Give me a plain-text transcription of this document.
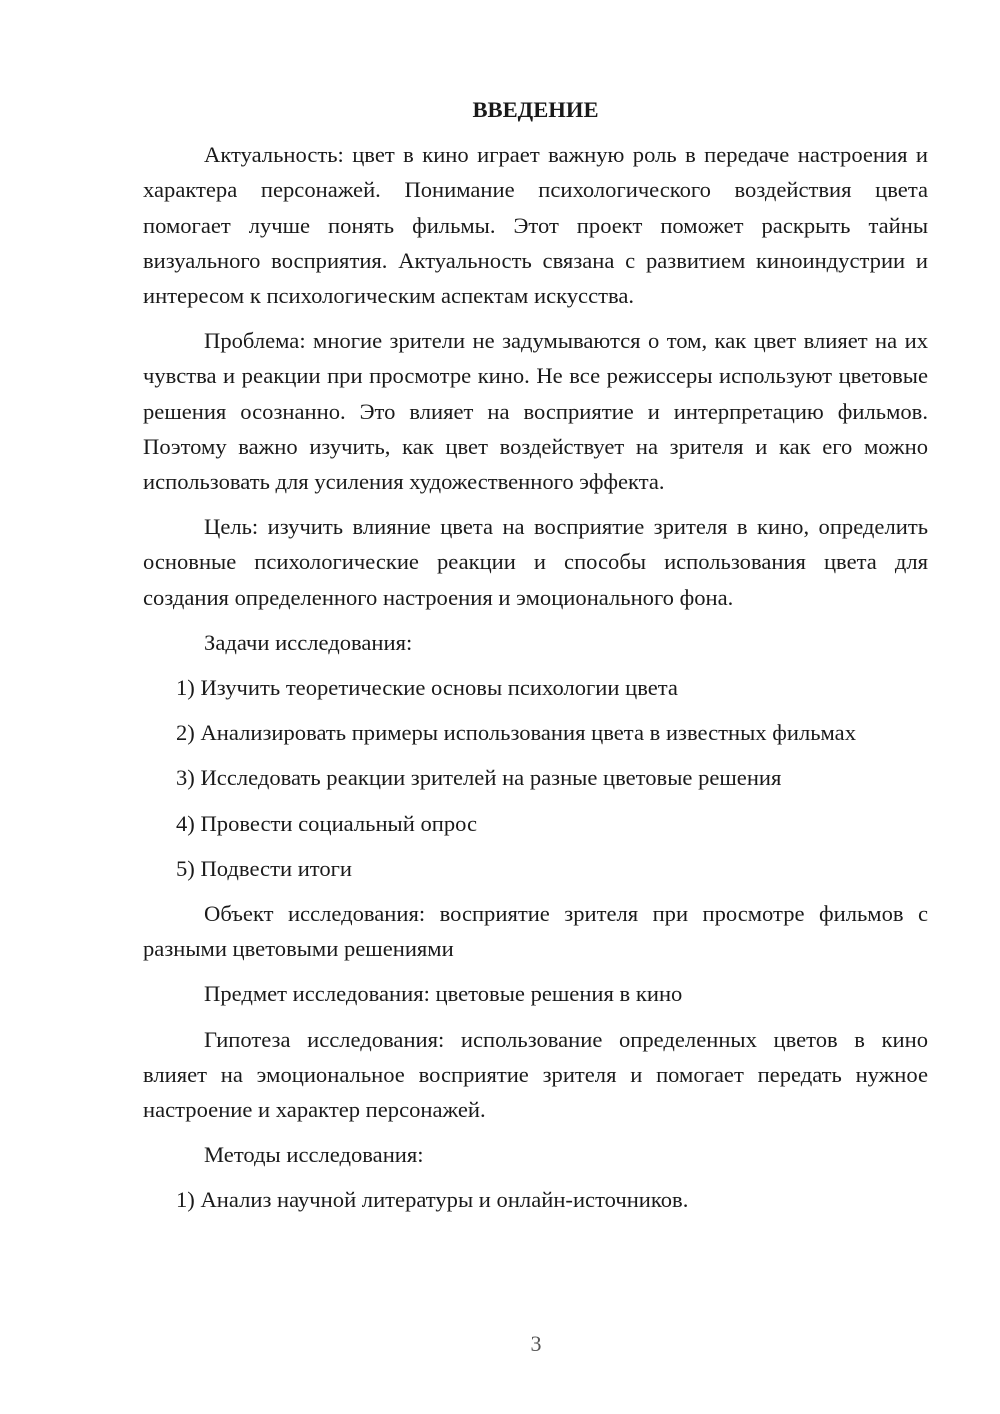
ВВЕДЕНИЕ
Актуальность: цвет в кино играет важную роль в передаче настроения и характера персонажей. Понимание психологического воздействия цвета помогает лучше понять фильмы. Этот проект поможет раскрыть тайны визуального восприятия. Актуальность связана с развитием киноиндустрии и интересом к психологическим аспектам искусства.
Проблема: многие зрители не задумываются о том, как цвет влияет на их чувства и реакции при просмотре кино. Не все режиссеры используют цветовые решения осознанно. Это влияет на восприятие и интерпретацию фильмов. Поэтому важно изучить, как цвет воздействует на зрителя и как его можно использовать для усиления художественного эффекта.
Цель: изучить влияние цвета на восприятие зрителя в кино, определить основные психологические реакции и способы использования цвета для создания определенного настроения и эмоционального фона.
Задачи исследования:
1) Изучить теоретические основы психологии цвета
2) Анализировать примеры использования цвета в известных фильмах
3) Исследовать реакции зрителей на разные цветовые решения
4) Провести социальный опрос
5) Подвести итоги
Объект исследования: восприятие зрителя при просмотре фильмов с разными цветовыми решениями
Предмет исследования: цветовые решения в кино
Гипотеза исследования: использование определенных цветов в кино влияет на эмоциональное восприятие зрителя и помогает передать нужное настроение и характер персонажей.
Методы исследования:
1) Анализ научной литературы и онлайн-источников.
3
